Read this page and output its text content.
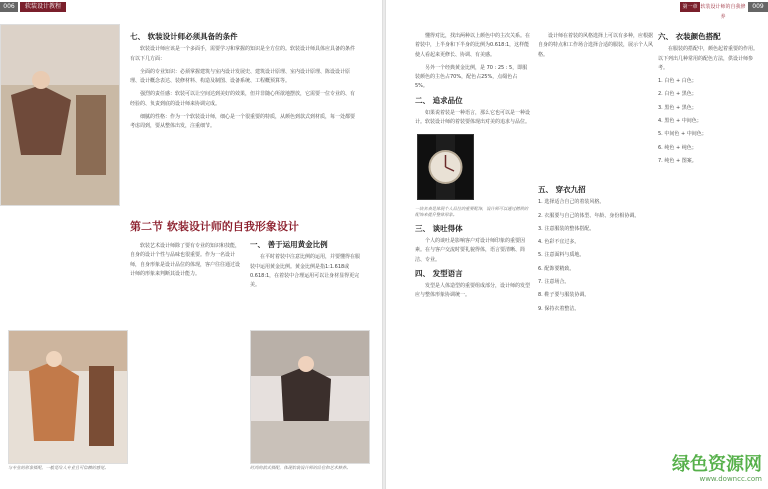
006	软装设计教程
七、 软装设计师必须具备的条件

软装设计师应该是一个多面手，需要学习和掌握的知识是全方位的。软装设计师具体应具备的条件有以下几方面：

全面的专业知识：必须掌握建筑与室内设计发展史、建筑设计原理、室内设计原理、陈设设计原理、设计概念表达、装修材料、构造及制图、设备系统、工程概预算等。

强烈的责任感：软装可以让空间达到美好的效果，但并非随心所欲地摆放，它需要一位专业的、有经验的、负责到底的设计师来协调完成。

细腻的性格：作为一个软装设计师，细心是一个很重要的特质，从颜色到款式到材质，每一处都要考虑周到，要从整体出发，注重细节。

第二节 软装设计师的自我形象设计

软装艺术设计师除了要有专业的知识和技能，自身的设计个性与品味也很重要。作为一名设计师，自身形象是设计品位的体现，客户往往通过设计师的形象来判断其设计能力。

一、 善于运用黄金比例

在平时着装中注意比例的运用，并要懂得在服装中运用黄金比例。黄金比例是指1:1.618或0.618:1，在着装中合理运用可以让身材显得更完美。

与专业的形象搭配，一般是给人专业且可信赖的感觉。	时尚的款式搭配，体现软装设计师的品位和艺术修养。
第一章 软装设计师的自我修养
009

懂得对比，找出两种以上颜色中的主次关系。在着装中，上半身和下半身的比例为0.618:1，这样能使人看起来更修长、协调、有美感。

另外一个经典黄金比例，是 70 : 25 : 5，即服装颜色的主色占70%，配色占25%，点缀色占5%。

二、 追求品位

如果说着装是一种语言，那么它也可以是一种设计。软装设计师的着装要体现出对美的追求与品位。

一块名表是体现个人品位的重要配饰，设计师可以通过精致的配饰来提升整体形象。
三、 谈吐得体

个人的谈吐是影响客户对设计师印象的重要因素。在与客户交流时要礼貌得体，语言要清晰、简洁、专业。

四、 发型语言

发型是人体造型的重要组成部分，设计师的发型应与整体形象协调统一。

设计师在着装的风格选择上可以有多种，应根据自身的特点和工作场合选择合适的服装，展示个人风格。

五、 穿衣九招
1. 选择适合自己的着装风格。
2. 衣服要与自己的体型、年龄、身份相协调。
3. 注意服装的整体搭配。
4. 色彩不宜过多。
5. 注意面料与质地。
6. 配饰要精致。
7. 注意场合。
8. 鞋子要与服装协调。
9. 保持衣着整洁。
六、 衣装颜色搭配

在服装的搭配中，颜色起着重要的作用。以下列出几种常用的配色方法，供设计师参考。

1. 白色 + 白色；
2. 白色 + 黑色；
3. 黑色 + 黑色；
4. 黑色 + 中间色；
5. 中间色 + 中间色；
6. 纯色 + 纯色；
7. 纯色 + 图案。
绿色资源网
www.downcc.com
